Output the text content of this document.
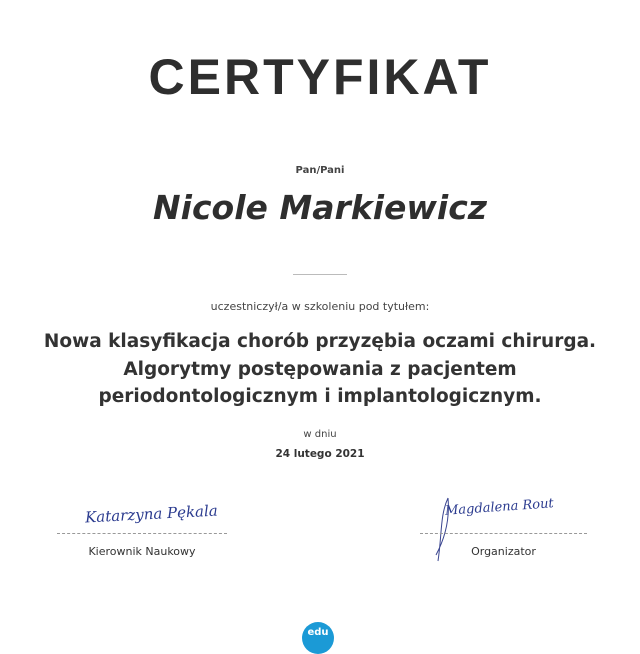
CERTYFIKAT
Pan/Pani
Nicole Markiewicz
uczestniczył/a w szkoleniu pod tytułem:
Nowa klasyfikacja chorób przyzębia oczami chirurga.
Algorytmy postępowania z pacjentem
periodontologicznym i implantologicznym.
w dniu
24 lutego 2021
Katarzyna Pękala
Kierownik Naukowy
Magdalena Rout
Organizator
edu
